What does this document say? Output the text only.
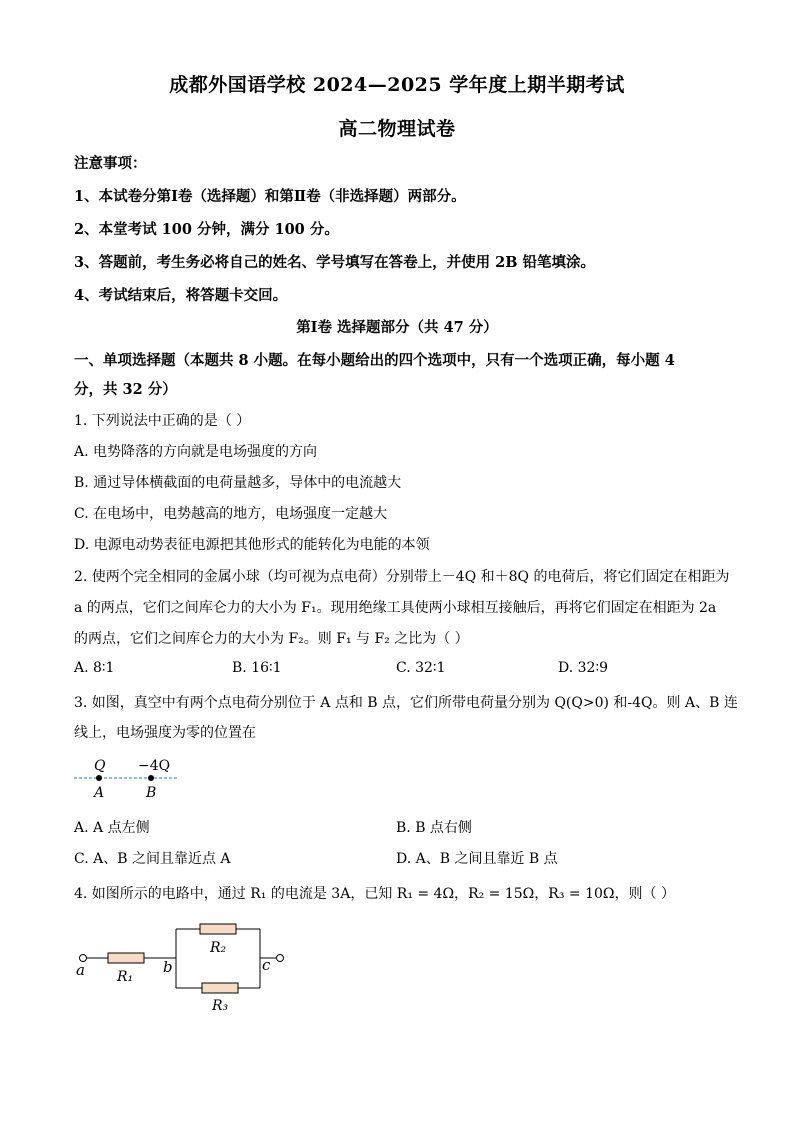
成都外国语学校 2024—2025 学年度上期半期考试
高二物理试卷
注意事项：
1、本试卷分第Ⅰ卷（选择题）和第Ⅱ卷（非选择题）两部分。
2、本堂考试 100 分钟，满分 100 分。
3、答题前，考生务必将自己的姓名、学号填写在答卷上，并使用 2B 铅笔填涂。
4、考试结束后，将答题卡交回。
第Ⅰ卷 选择题部分（共 47 分）
一、单项选择题（本题共 8 小题。在每小题给出的四个选项中，只有一个选项正确，每小题 4
分，共 32 分）
1. 下列说法中正确的是（ ）
A. 电势降落的方向就是电场强度的方向
B. 通过导体横截面的电荷量越多，导体中的电流越大
C. 在电场中，电势越高的地方，电场强度一定越大
D. 电源电动势表征电源把其他形式的能转化为电能的本领
2. 使两个完全相同的金属小球（均可视为点电荷）分别带上－4Q 和＋8Q 的电荷后，将它们固定在相距为
a 的两点，它们之间库仑力的大小为 F₁。现用绝缘工具使两小球相互接触后，再将它们固定在相距为 2a
的两点，它们之间库仑力的大小为 F₂。则 F₁ 与 F₂ 之比为（ ）
A. 8∶1	B. 16∶1	C. 32∶1	D. 32∶9
3. 如图，真空中有两个点电荷分别位于 A 点和 B 点，它们所带电荷量分别为 Q(Q>0) 和-4Q。则 A、B 连
线上，电场强度为零的位置在
Q −4Q
A	B
A. A 点左侧	B. B 点右侧
C. A、B 之间且靠近点 A	D. A、B 之间且靠近 B 点
4. 如图所示的电路中，通过 R₁ 的电流是 3A，已知 R₁ = 4Ω，R₂ = 15Ω，R₃ = 10Ω，则（ ）
a	b	c
R₁
R₂
R₃
